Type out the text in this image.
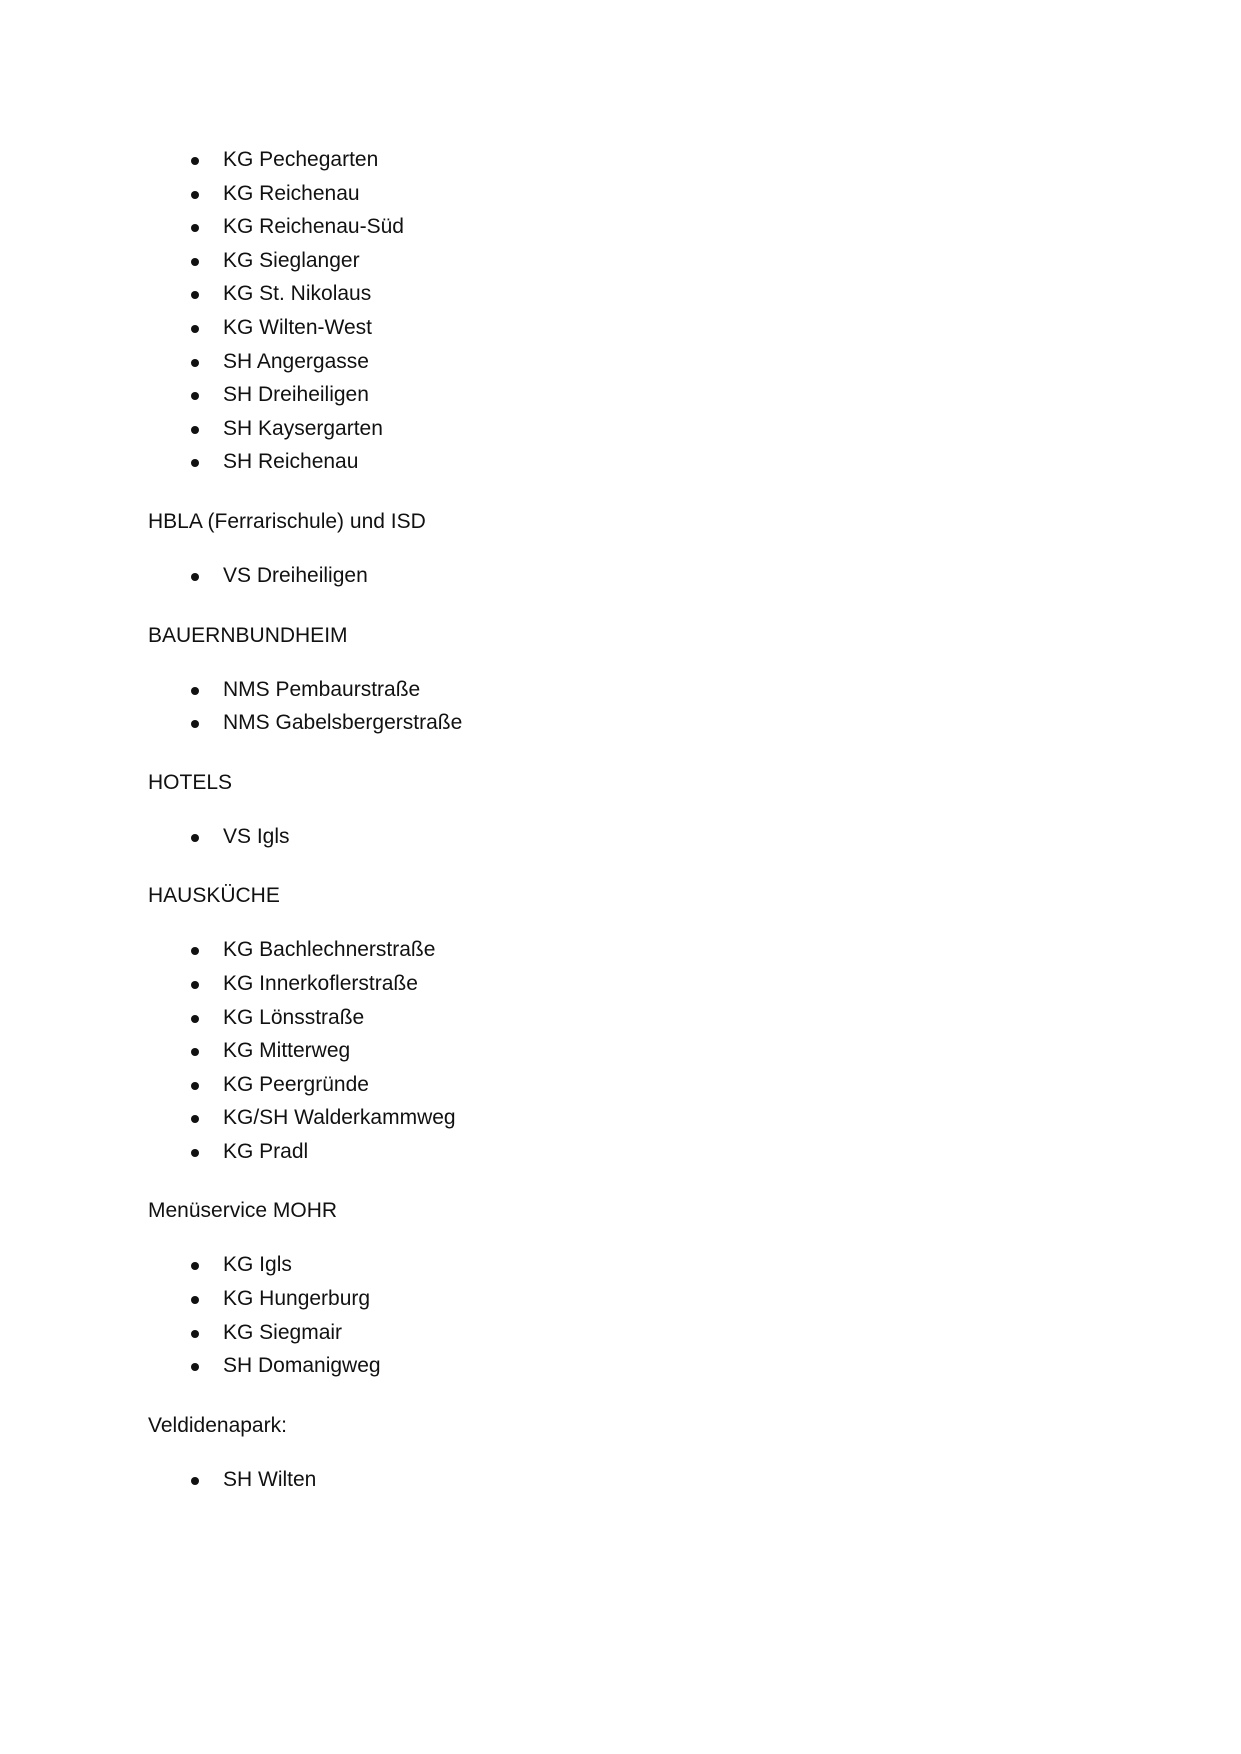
KG Pechegarten
KG Reichenau
KG Reichenau-Süd
KG Sieglanger
KG St. Nikolaus
KG Wilten-West
SH Angergasse
SH Dreiheiligen
SH Kaysergarten
SH Reichenau

HBLA (Ferrarischule) und ISD

VS Dreiheiligen

BAUERNBUNDHEIM

NMS Pembaurstraße
NMS Gabelsbergerstraße

HOTELS

VS Igls

HAUSKÜCHE

KG Bachlechnerstraße
KG Innerkoflerstraße
KG Lönsstraße
KG Mitterweg
KG Peergründe
KG/SH Walderkammweg
KG Pradl

Menüservice MOHR

KG Igls
KG Hungerburg
KG Siegmair
SH Domanigweg

Veldidenapark:

SH Wilten
